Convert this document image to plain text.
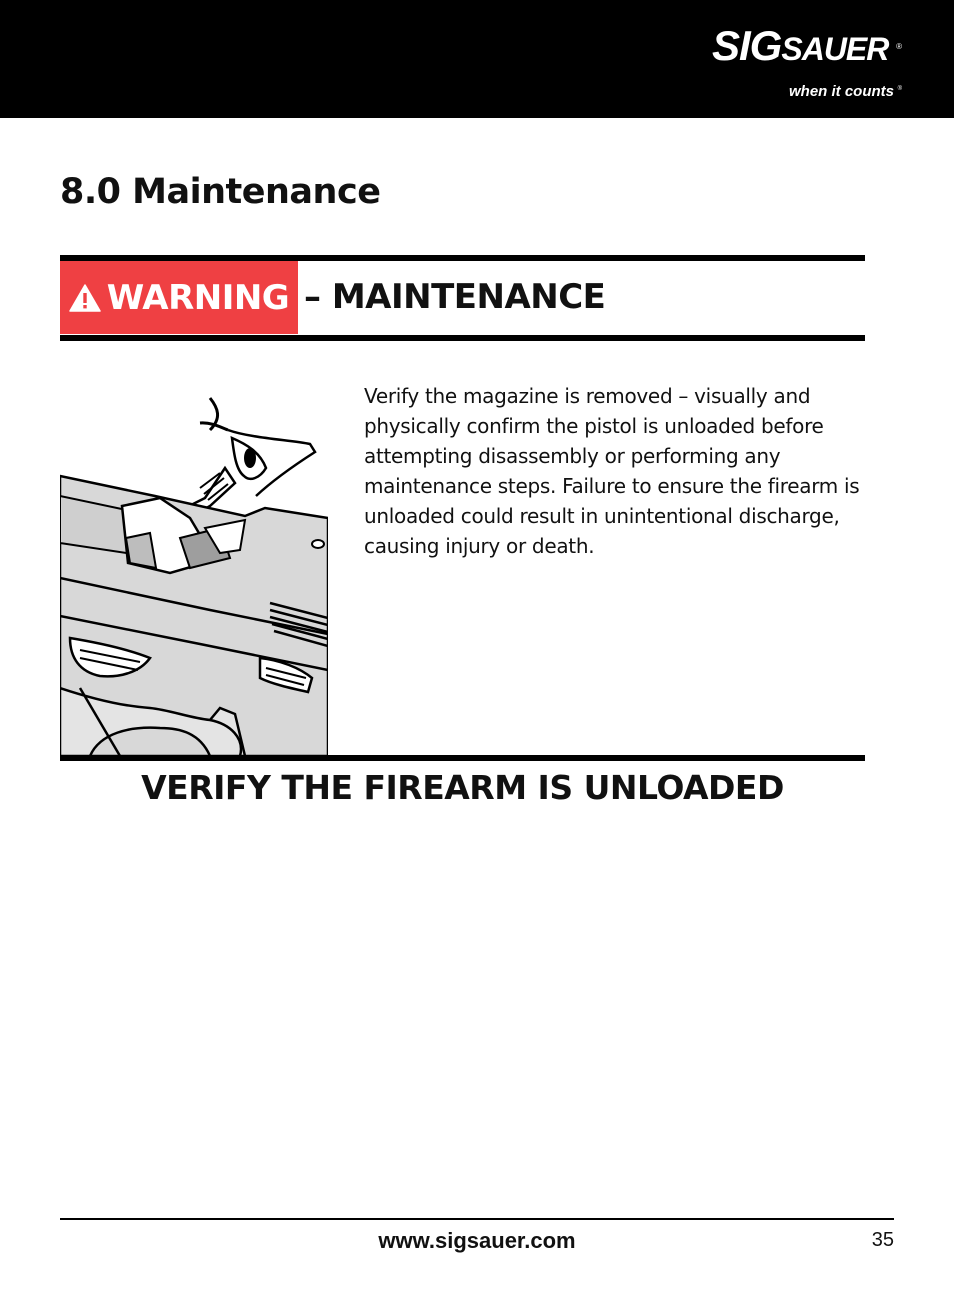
SIGSAUER ®
when it counts ®
8.0 Maintenance
WARNING – MAINTENANCE

Verify the magazine is removed – visually and physically confirm the pistol is unloaded before attempting disassembly or performing any maintenance steps. Failure to ensure the firearm is unloaded could result in unintentional discharge, causing injury or death.

VERIFY THE FIREARM IS UNLOADED
www.sigsauer.com	35
